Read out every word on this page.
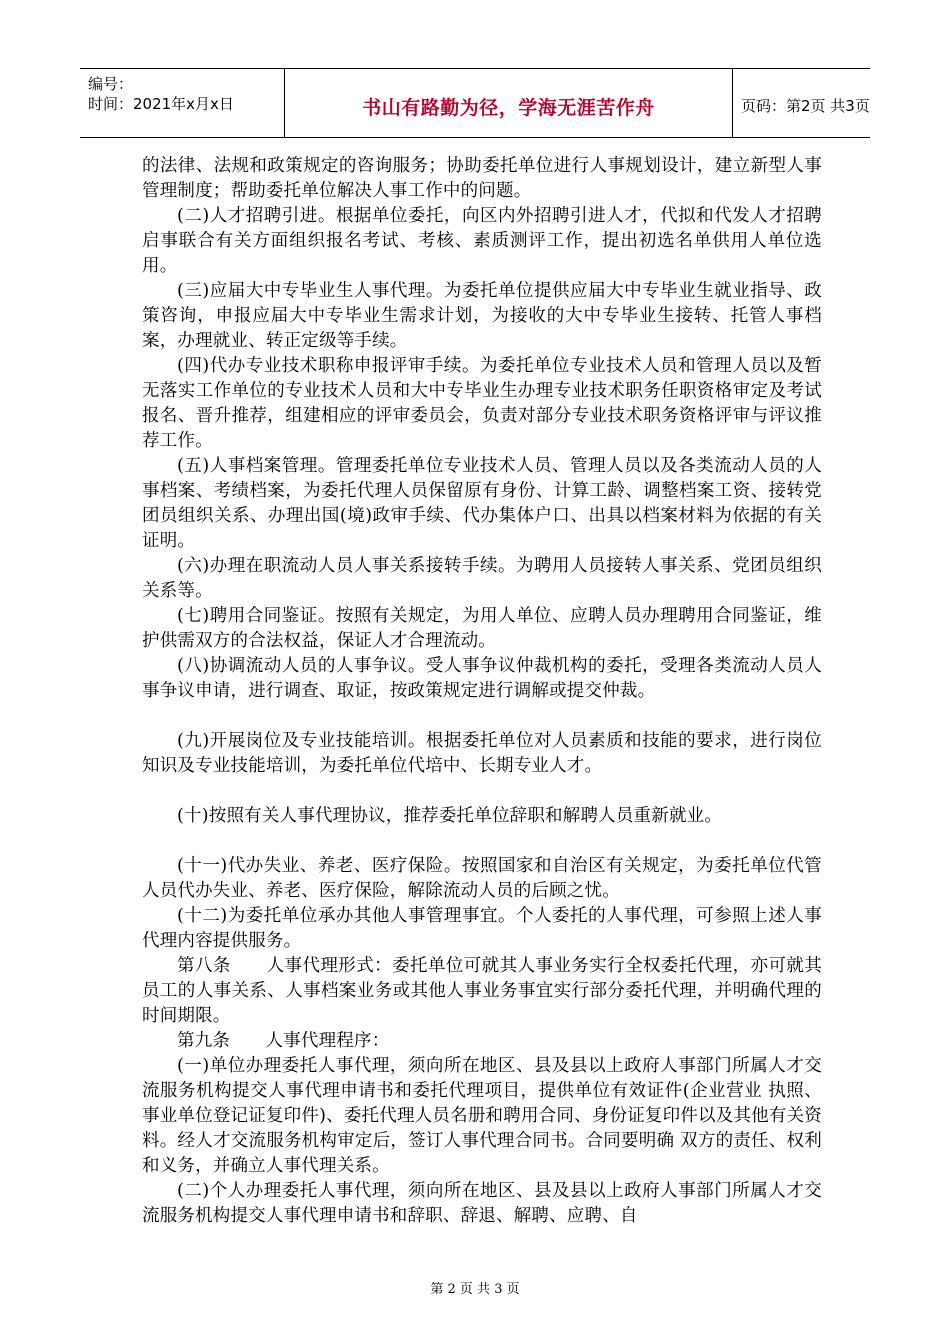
编号：
时间：2021年x月x日	书山有路勤为径，学海无涯苦作舟	页码：第2页 共3页

的法律、法规和政策规定的咨询服务；协助委托单位进行人事规划设计，建立新型人事管理制度；帮助委托单位解决人事工作中的问题。

(二)人才招聘引进。根据单位委托，向区内外招聘引进人才，代拟和代发人才招聘启事联合有关方面组织报名考试、考核、素质测评工作，提出初选名单供用人单位选用。

(三)应届大中专毕业生人事代理。为委托单位提供应届大中专毕业生就业指导、政策咨询，申报应届大中专毕业生需求计划，为接收的大中专毕业生接转、托管人事档案，办理就业、转正定级等手续。

(四)代办专业技术职称申报评审手续。为委托单位专业技术人员和管理人员以及暂无落实工作单位的专业技术人员和大中专毕业生办理专业技术职务任职资格审定及考试报名、晋升推荐，组建相应的评审委员会，负责对部分专业技术职务资格评审与评议推荐工作。

(五)人事档案管理。管理委托单位专业技术人员、管理人员以及各类流动人员的人事档案、考绩档案，为委托代理人员保留原有身份、计算工龄、调整档案工资、接转党团员组织关系、办理出国(境)政审手续、代办集体户口、出具以档案材料为依据的有关证明。

(六)办理在职流动人员人事关系接转手续。为聘用人员接转人事关系、党团员组织关系等。

(七)聘用合同鉴证。按照有关规定，为用人单位、应聘人员办理聘用合同鉴证，维护供需双方的合法权益，保证人才合理流动。

(八)协调流动人员的人事争议。受人事争议仲裁机构的委托，受理各类流动人员人事争议申请，进行调查、取证，按政策规定进行调解或提交仲裁。

(九)开展岗位及专业技能培训。根据委托单位对人员素质和技能的要求，进行岗位知识及专业技能培训，为委托单位代培中、长期专业人才。

(十)按照有关人事代理协议，推荐委托单位辞职和解聘人员重新就业。

(十一)代办失业、养老、医疗保险。按照国家和自治区有关规定，为委托单位代管人员代办失业、养老、医疗保险，解除流动人员的后顾之忧。

(十二)为委托单位承办其他人事管理事宜。个人委托的人事代理，可参照上述人事代理内容提供服务。

第八条　　人事代理形式：委托单位可就其人事业务实行全权委托代理，亦可就其员工的人事关系、人事档案业务或其他人事业务事宜实行部分委托代理，并明确代理的时间期限。

第九条　　人事代理程序：

(一)单位办理委托人事代理，须向所在地区、县及县以上政府人事部门所属人才交流服务机构提交人事代理申请书和委托代理项目，提供单位有效证件(企业营业 执照、事业单位登记证复印件)、委托代理人员名册和聘用合同、身份证复印件以及其他有关资料。经人才交流服务机构审定后，签订人事代理合同书。合同要明确 双方的责任、权利和义务，并确立人事代理关系。

(二)个人办理委托人事代理，须向所在地区、县及县以上政府人事部门所属人才交流服务机构提交人事代理申请书和辞职、辞退、解聘、应聘、自

第 2 页 共 3 页
